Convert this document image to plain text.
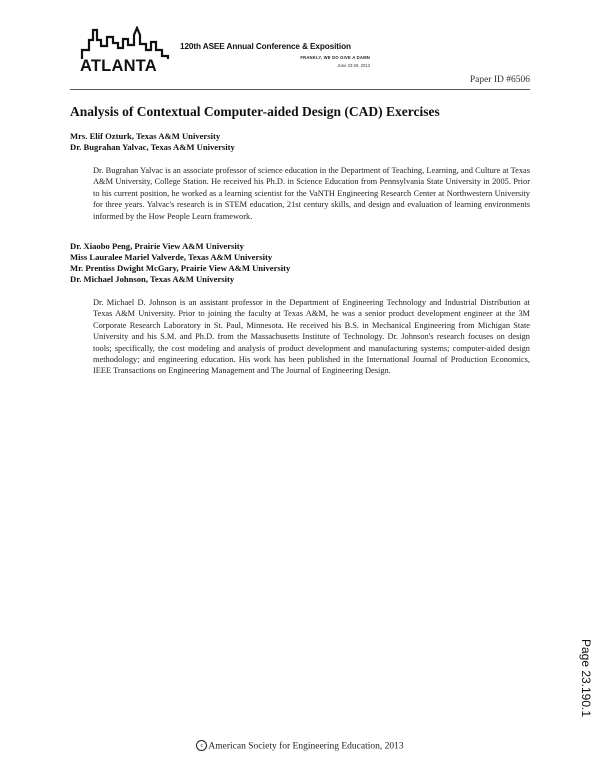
ATLANTA
120th ASEE Annual Conference & Exposition
FRANKLY, WE DO GIVE A DAMN
June 23-26, 2013
Paper ID #6506
Analysis of Contextual Computer-aided Design (CAD) Exercises
Mrs. Elif Ozturk, Texas A&M University
Dr. Bugrahan Yalvac, Texas A&M University
Dr. Bugrahan Yalvac is an associate professor of science education in the Department of Teaching, Learning, and Culture at Texas A&M University, College Station. He received his Ph.D. in Science Education from Pennsylvania State University in 2005. Prior to his current position, he worked as a learning scientist for the VaNTH Engineering Research Center at Northwestern University for three years. Yalvac's research is in STEM education, 21st century skills, and design and evaluation of learning environments informed by the How People Learn framework.
Dr. Xiaobo Peng, Prairie View A&M University
Miss Lauralee Mariel Valverde, Texas A&M University
Mr. Prentiss Dwight McGary, Prairie View A&M University
Dr. Michael Johnson, Texas A&M University
Dr. Michael D. Johnson is an assistant professor in the Department of Engineering Technology and Industrial Distribution at Texas A&M University. Prior to joining the faculty at Texas A&M, he was a senior product development engineer at the 3M Corporate Research Laboratory in St. Paul, Minnesota. He received his B.S. in Mechanical Engineering from Michigan State University and his S.M. and Ph.D. from the Massachusetts Institute of Technology. Dr. Johnson's research focuses on design tools; specifically, the cost modeling and analysis of product development and manufacturing systems; computer-aided design methodology; and engineering education. His work has been published in the International Journal of Production Economics, IEEE Transactions on Engineering Management and The Journal of Engineering Design.
Page 23.190.1
c American Society for Engineering Education, 2013
